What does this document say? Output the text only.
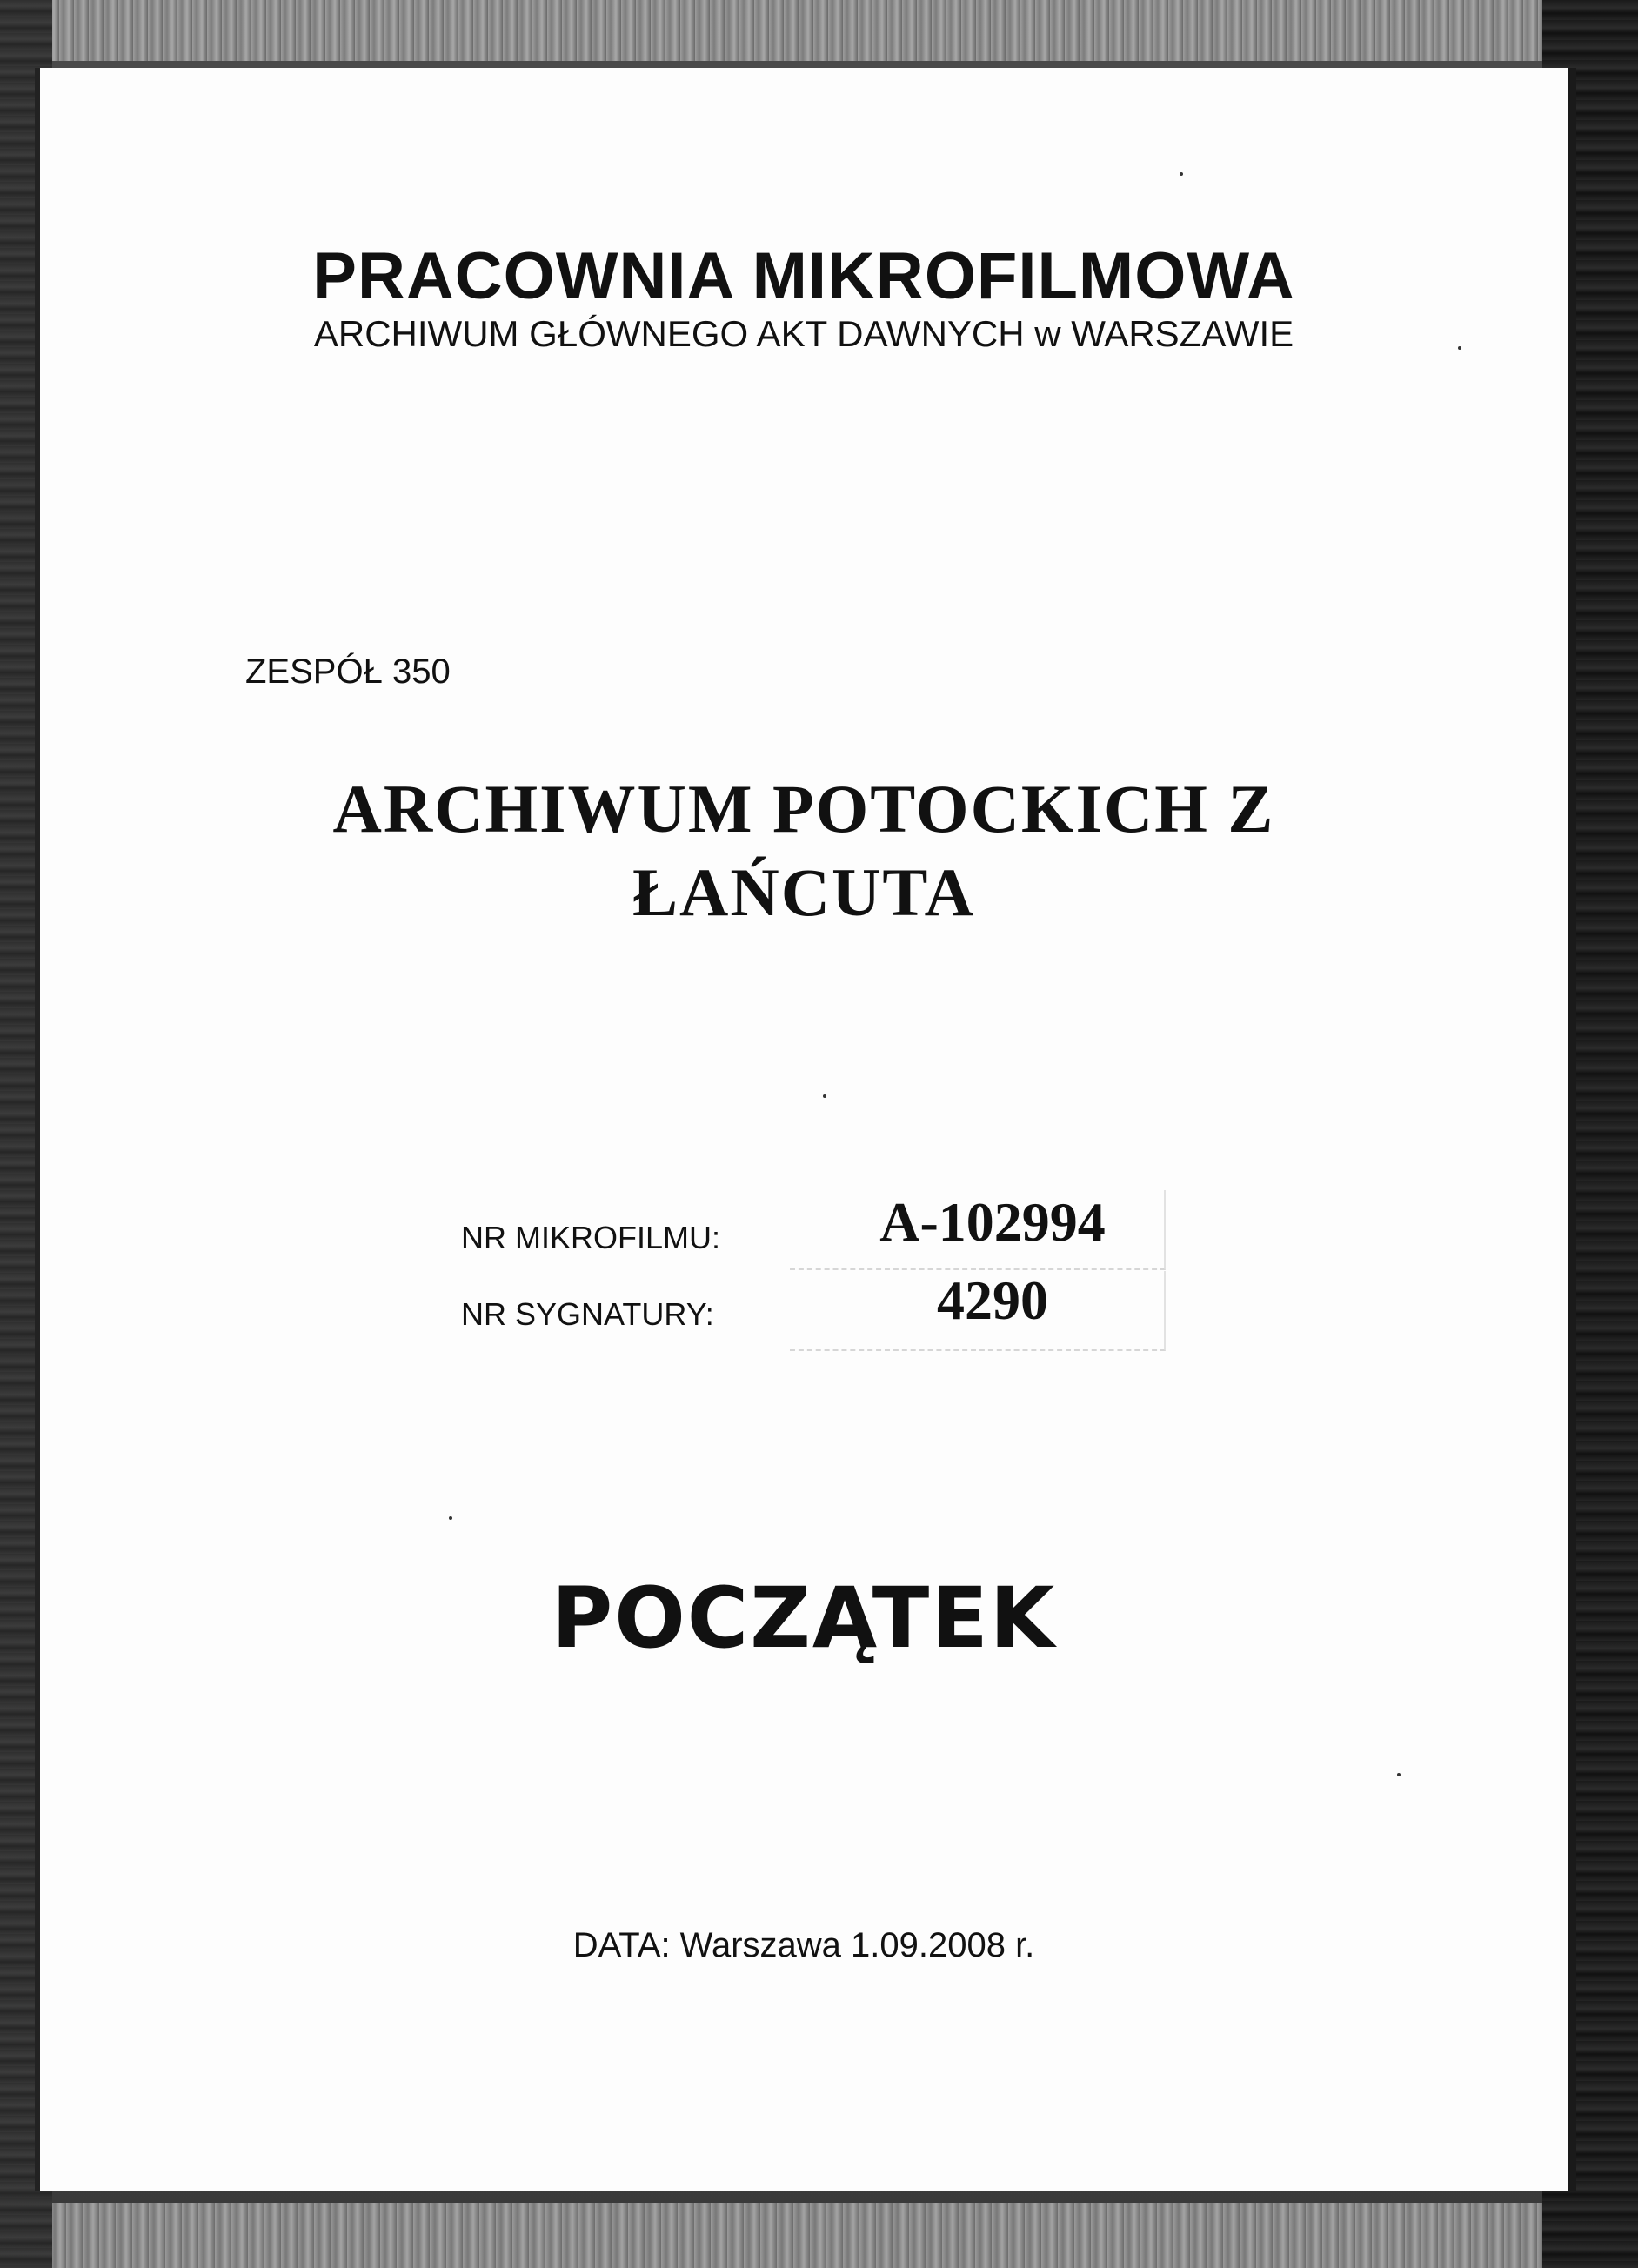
PRACOWNIA MIKROFILMOWA
ARCHIWUM GŁÓWNEGO AKT DAWNYCH w WARSZAWIE
ZESPÓŁ 350
ARCHIWUM POTOCKICH Z
ŁAŃCUTA
NR MIKROFILMU:	A-102994
NR SYGNATURY:	4290
POCZĄTEK
DATA: Warszawa 1.09.2008 r.
